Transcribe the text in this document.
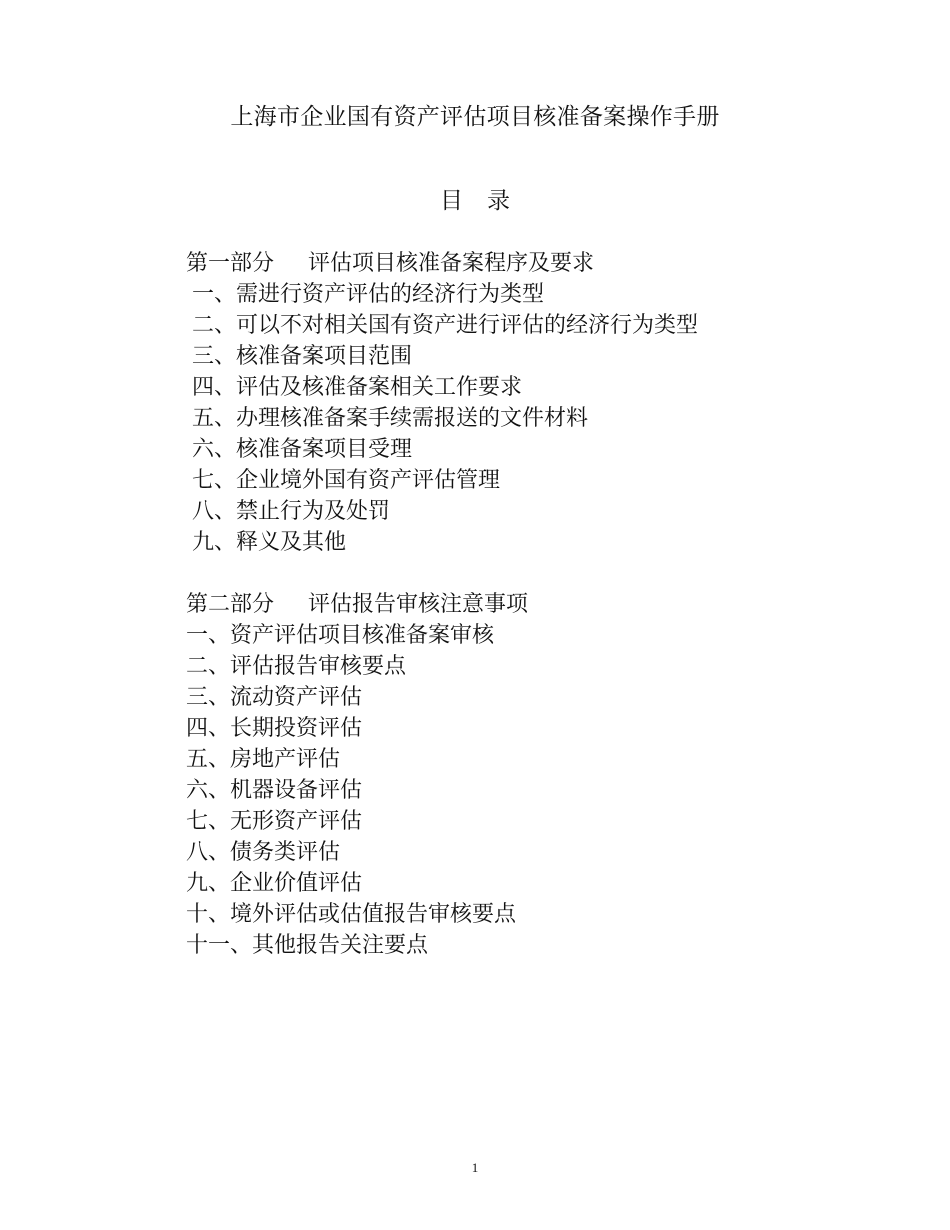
上海市企业国有资产评估项目核准备案操作手册
目 录
第一部分 评估项目核准备案程序及要求
一、需进行资产评估的经济行为类型
二、可以不对相关国有资产进行评估的经济行为类型
三、核准备案项目范围
四、评估及核准备案相关工作要求
五、办理核准备案手续需报送的文件材料
六、核准备案项目受理
七、企业境外国有资产评估管理
八、禁止行为及处罚
九、释义及其他
第二部分 评估报告审核注意事项
一、资产评估项目核准备案审核
二、评估报告审核要点
三、流动资产评估
四、长期投资评估
五、房地产评估
六、机器设备评估
七、无形资产评估
八、债务类评估
九、企业价值评估
十、境外评估或估值报告审核要点
十一、其他报告关注要点
1
